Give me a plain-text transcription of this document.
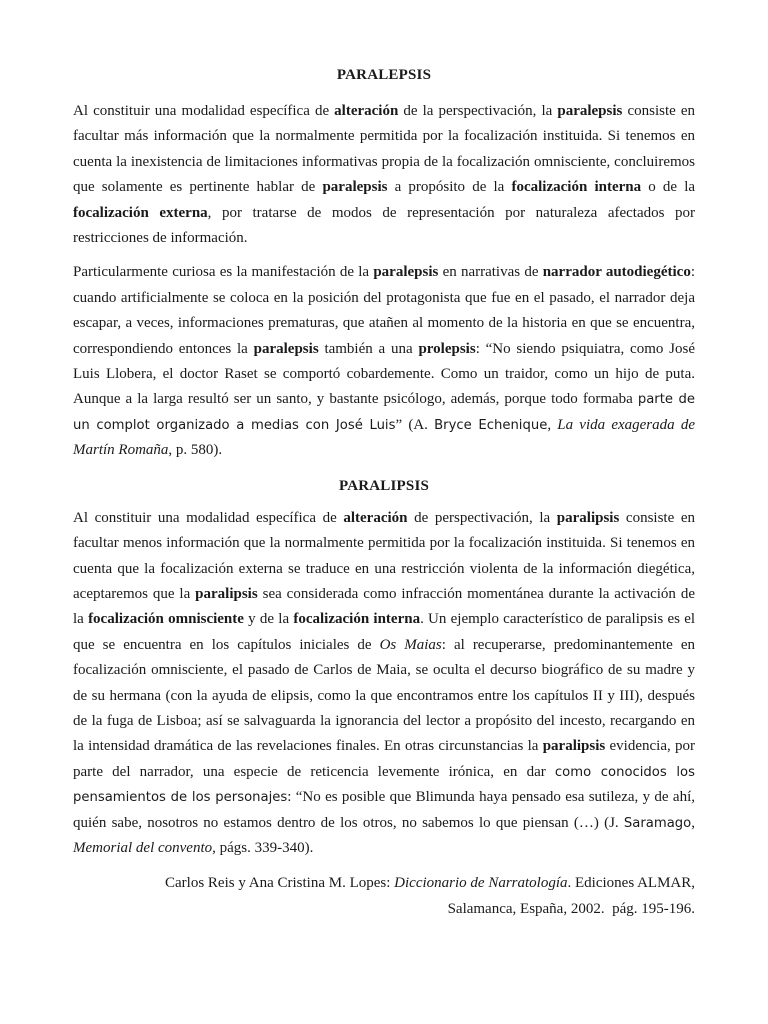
PARALEPSIS

Al constituir una modalidad específica de alteración de la perspectivación, la paralepsis consiste en facultar más información que la normalmente permitida por la focalización instituida. Si tenemos en cuenta la inexistencia de limitaciones informativas propia de la focalización omnisciente, concluiremos que solamente es pertinente hablar de paralepsis a propósito de la focalización interna o de la focalización externa, por tratarse de modos de representación por naturaleza afectados por restricciones de información.

Particularmente curiosa es la manifestación de la paralepsis en narrativas de narrador autodiegético: cuando artificialmente se coloca en la posición del protagonista que fue en el pasado, el narrador deja escapar, a veces, informaciones prematuras, que atañen al momento de la historia en que se encuentra, correspondiendo entonces la paralepsis también a una prolepsis: “No siendo psiquiatra, como José Luis Llobera, el doctor Raset se comportó cobardemente. Como un traidor, como un hijo de puta. Aunque a la larga resultó ser un santo, y bastante psicólogo, además, porque todo formaba parte de un complot organizado a medias con José Luis” (A. Bryce Echenique, La vida exagerada de Martín Romaña, p. 580).

PARALIPSIS

Al constituir una modalidad específica de alteración de perspectivación, la paralipsis consiste en facultar menos información que la normalmente permitida por la focalización instituida. Si tenemos en cuenta que la focalización externa se traduce en una restricción violenta de la información diegética, aceptaremos que la paralipsis sea considerada como infracción momentánea durante la activación de la focalización omnisciente y de la focalización interna. Un ejemplo característico de paralipsis es el que se encuentra en los capítulos iniciales de Os Maias: al recuperarse, predominantemente en focalización omnisciente, el pasado de Carlos de Maia, se oculta el decurso biográfico de su madre y de su hermana (con la ayuda de elipsis, como la que encontramos entre los capítulos II y III), después de la fuga de Lisboa; así se salvaguarda la ignorancia del lector a propósito del incesto, recargando en la intensidad dramática de las revelaciones finales. En otras circunstancias la paralipsis evidencia, por parte del narrador, una especie de reticencia levemente irónica, en dar como conocidos los pensamientos de los personajes: “No es posible que Blimunda haya pensado esa sutileza, y de ahí, quién sabe, nosotros no estamos dentro de los otros, no sabemos lo que piensan (…) (J. Saramago, Memorial del convento, págs. 339-340).

Carlos Reis y Ana Cristina M. Lopes: Diccionario de Narratología. Ediciones ALMAR,
Salamanca, España, 2002.  pág. 195-196.
